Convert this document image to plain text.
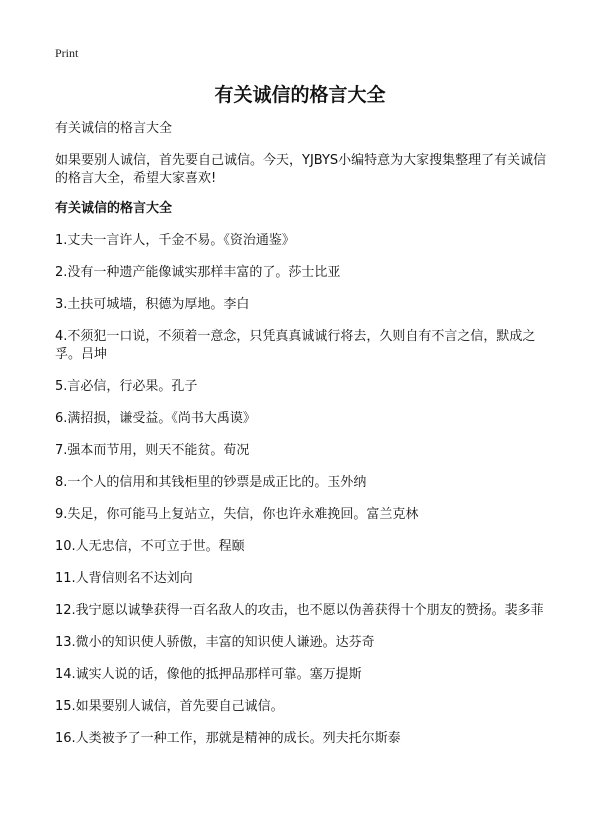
Print
有关诚信的格言大全

有关诚信的格言大全

如果要别人诚信，首先要自己诚信。今天，YJBYS小编特意为大家搜集整理了有关诚信的格言大全，希望大家喜欢!

有关诚信的格言大全

1.丈夫一言许人，千金不易。《资治通鉴》

2.没有一种遗产能像诚实那样丰富的了。莎士比亚

3.土扶可城墙，积德为厚地。李白

4.不须犯一口说，不须着一意念，只凭真真诚诚行将去，久则自有不言之信，默成之孚。吕坤

5.言必信，行必果。孔子

6.满招损，谦受益。《尚书大禹谟》

7.强本而节用，则天不能贫。荀况

8.一个人的信用和其钱柜里的钞票是成正比的。玉外纳

9.失足，你可能马上复站立，失信，你也许永难挽回。富兰克林

10.人无忠信，不可立于世。程颐

11.人背信则名不达刘向

12.我宁愿以诚挚获得一百名敌人的攻击，也不愿以伪善获得十个朋友的赞扬。裴多菲

13.微小的知识使人骄傲，丰富的知识使人谦逊。达芬奇

14.诚实人说的话，像他的抵押品那样可靠。塞万提斯

15.如果要别人诚信，首先要自己诚信。

16.人类被予了一种工作，那就是精神的成长。列夫托尔斯泰
